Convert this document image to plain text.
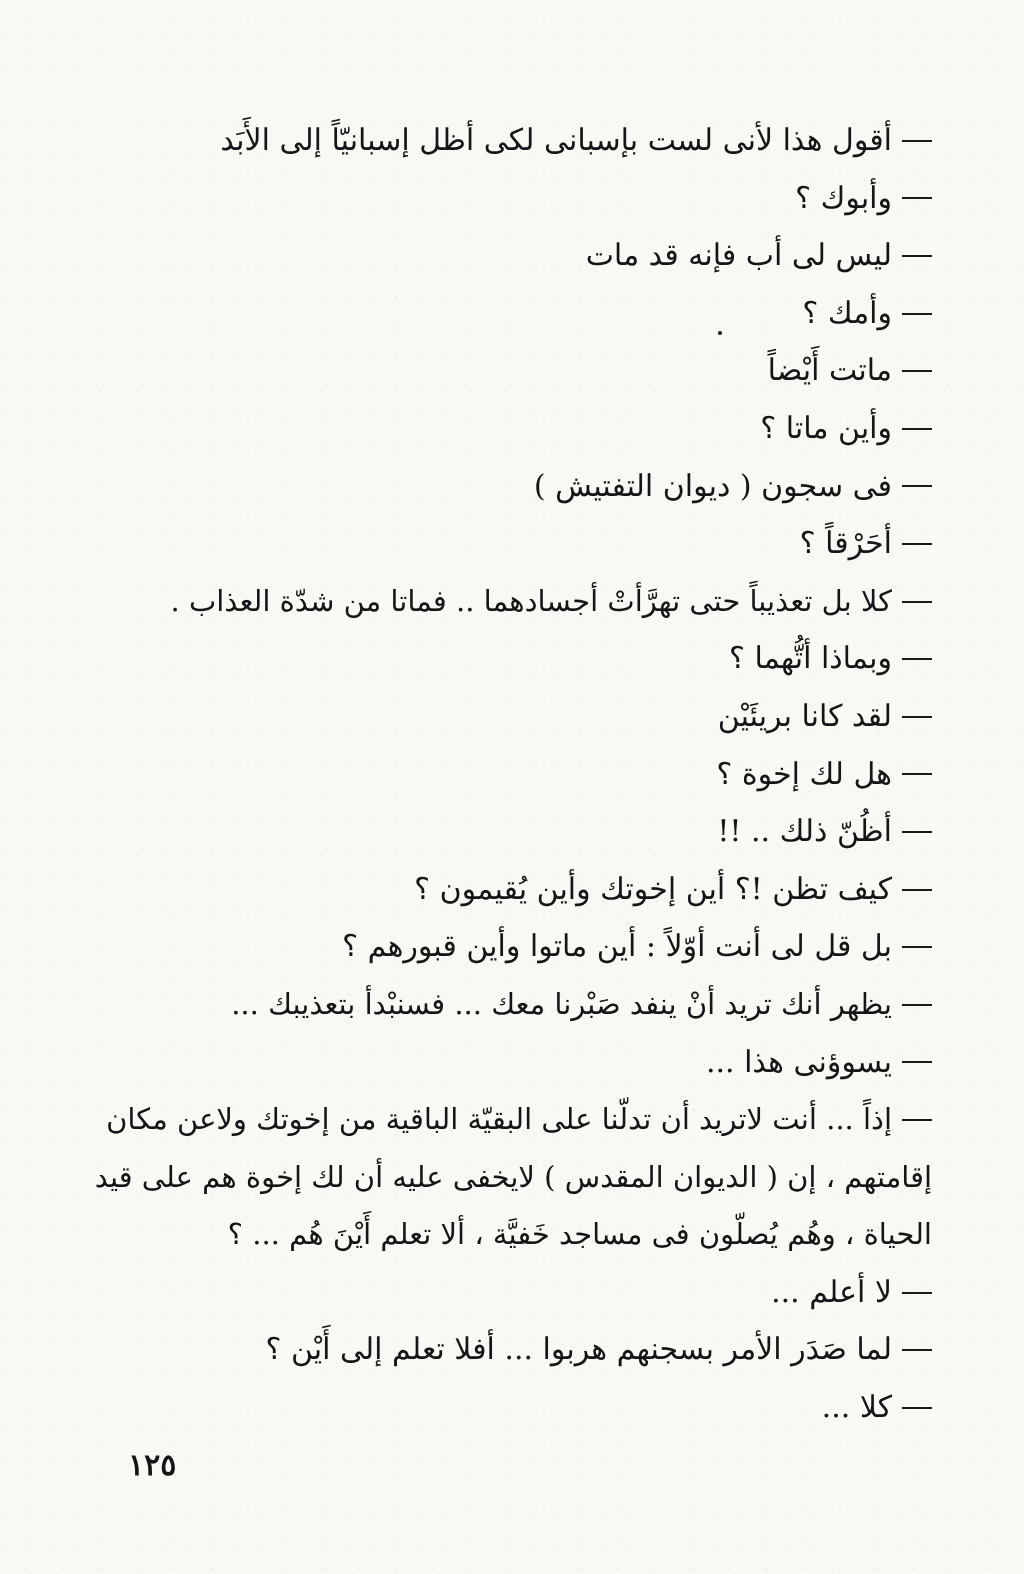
أقول هذا لأنى لست بإسبانى لكى أظل إسبانيّاً إلى الأَبَد
وأبوك ؟
ليس لى أب فإنه قد مات
وأمك ؟
ماتت أَيْضاً
وأين ماتا ؟
فى سجون ( ديوان التفتيش )
أحَرْقاً ؟
كلا بل تعذيباً حتى تهرَّأتْ أجسادهما .. فماتا من شدّة العذاب .
وبماذا أتُّهما ؟
لقد كانا بريئَيْن
هل لك إخوة ؟
أظُنّ ذلك .. !!
كيف تظن !؟ أين إخوتك وأين يُقيمون ؟
بل قل لى أنت أوّلاً : أين ماتوا وأين قبورهم ؟
يظهر أنك تريد أنْ ينفد صَبْرنا معك ... فسنبْدأ بتعذيبك ...
يسوؤنى هذا ...
إذاً ... أنت لاتريد أن تدلّنا على البقيّة الباقية من إخوتك ولاعن مكان
إقامتهم ، إن ( الديوان المقدس ) لايخفى عليه أن لك إخوة هم على قيد
الحياة ، وهُم يُصلّون فى مساجد خَفيَّة ، ألا تعلم أَيْنَ هُم ... ؟
لا أعلم ...
لما صَدَر الأمر بسجنهم هربوا ... أفلا تعلم إلى أَيْن ؟
كلا ...
١٢٥
